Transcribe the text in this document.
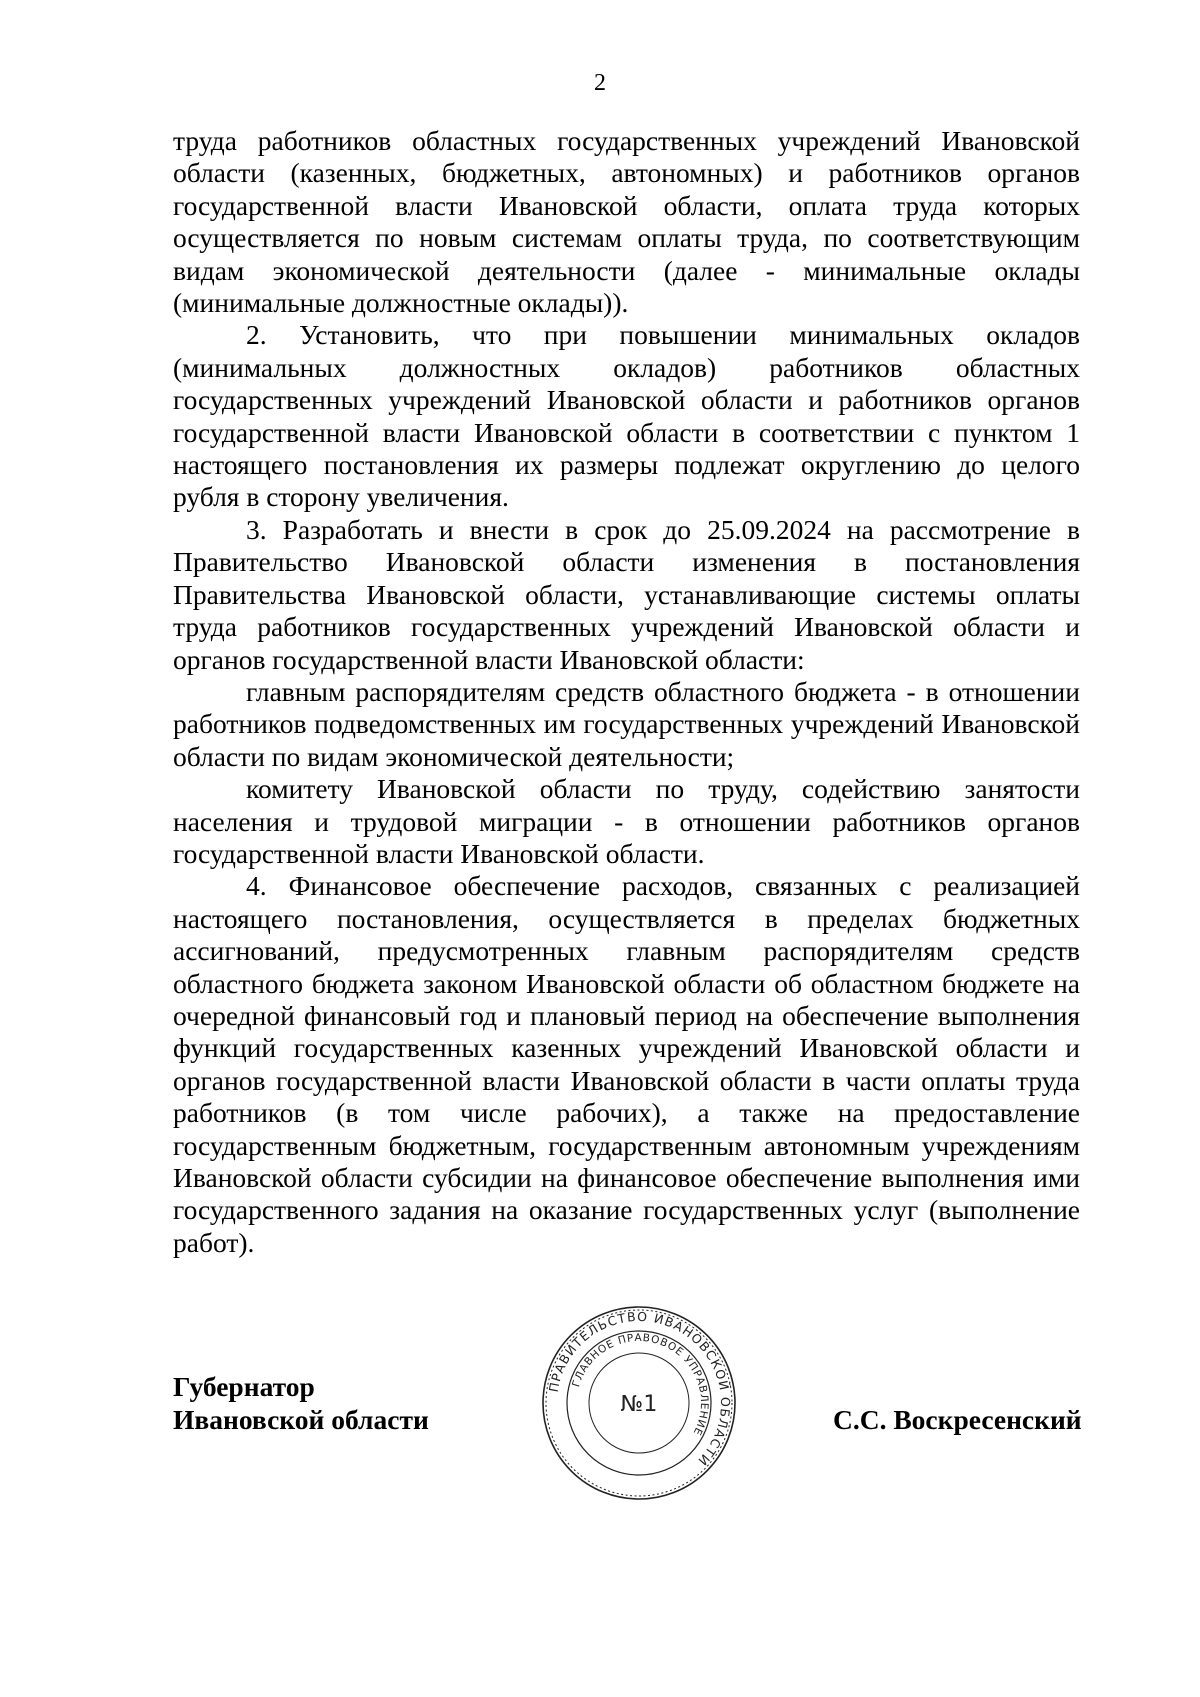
2

труда работников областных государственных учреждений Ивановской области (казенных, бюджетных, автономных) и работников органов государственной власти Ивановской области, оплата труда которых осуществляется по новым системам оплаты труда, по соответствующим видам экономической деятельности (далее - минимальные оклады (минимальные должностные оклады)).

2. Установить, что при повышении минимальных окладов (минимальных должностных окладов) работников областных государственных учреждений Ивановской области и работников органов государственной власти Ивановской области в соответствии с пунктом 1 настоящего постановления их размеры подлежат округлению до целого рубля в сторону увеличения.

3. Разработать и внести в срок до 25.09.2024 на рассмотрение в Правительство Ивановской области изменения в постановления Правительства Ивановской области, устанавливающие системы оплаты труда работников государственных учреждений Ивановской области и органов государственной власти Ивановской области:

главным распорядителям средств областного бюджета - в отношении работников подведомственных им государственных учреждений Ивановской области по видам экономической деятельности;

комитету Ивановской области по труду, содействию занятости населения и трудовой миграции - в отношении работников органов государственной власти Ивановской области.

4. Финансовое обеспечение расходов, связанных с реализацией настоящего постановления, осуществляется в пределах бюджетных ассигнований, предусмотренных главным распорядителям средств областного бюджета законом Ивановской области об областном бюджете на очередной финансовый год и плановый период на обеспечение выполнения функций государственных казенных учреждений Ивановской области и органов государственной власти Ивановской области в части оплаты труда работников (в том числе рабочих), а также на предоставление государственным бюджетным, государственным автономным учреждениям Ивановской области субсидии на финансовое обеспечение выполнения ими государственного задания на оказание государственных услуг (выполнение работ).

Губернатор
Ивановской области	С.С. Воскресенский
ПРАВИТЕЛЬСТВО ИВАНОВСКОЙ ОБЛАСТИ
ГЛАВНОЕ ПРАВОВОЕ УПРАВЛЕНИЕ
№1
